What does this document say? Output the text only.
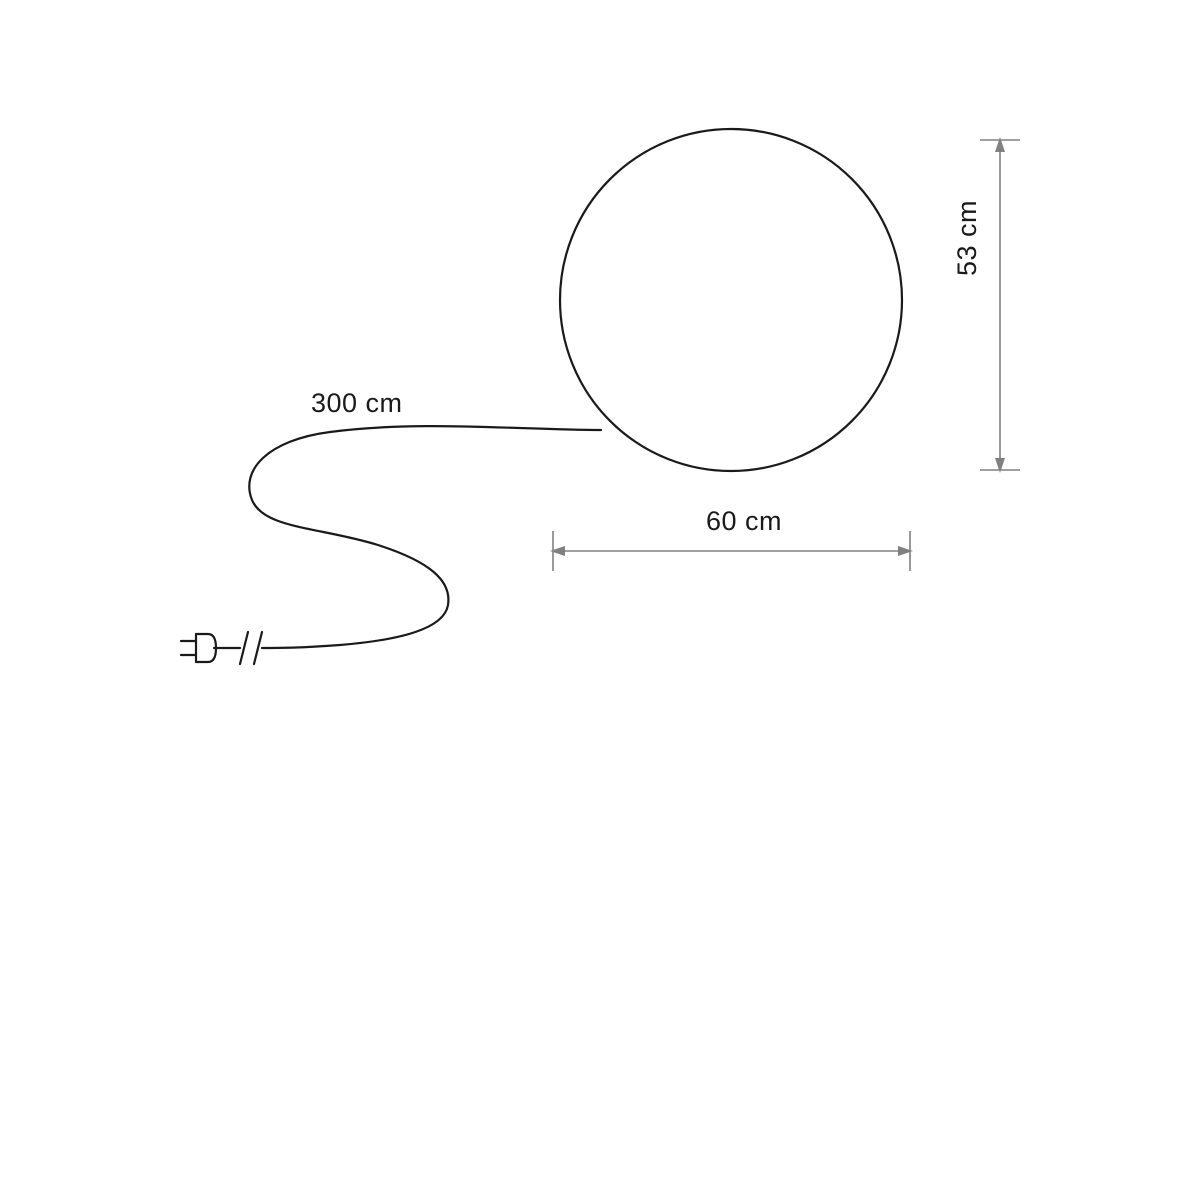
300 cm
60 cm
53 cm
